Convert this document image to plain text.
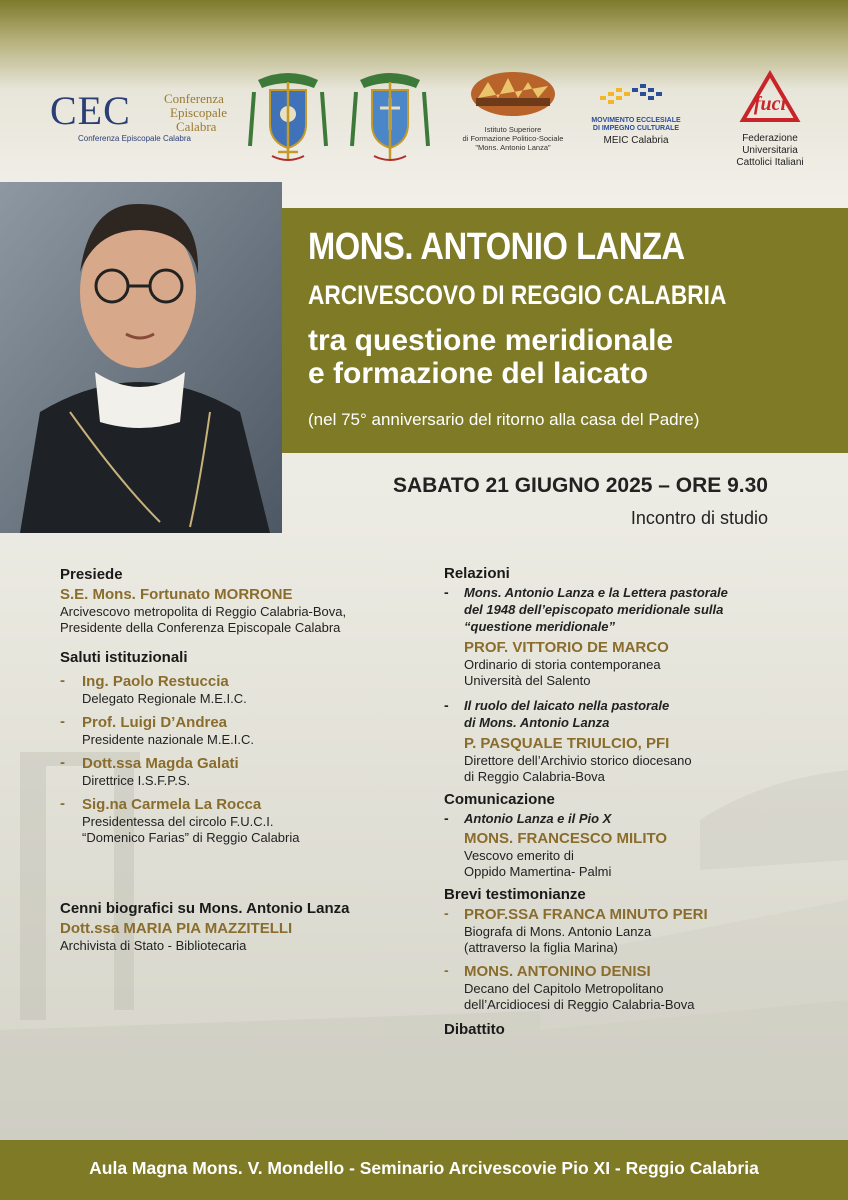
CEC	Conferenza
Episcopale
Calabra
Conferenza Episcopale Calabra
Istituto Superiore
di Formazione Politico-Sociale
"Mons. Antonio Lanza"
MOVIMENTO ECCLESIALE
DI IMPEGNO CULTURALE
MEIC Calabria
fuci
Federazione Universitaria
Cattolici Italiani
MONS. ANTONIO LANZA
ARCIVESCOVO DI REGGIO CALABRIA
tra questione meridionale
e formazione del laicato
(nel 75° anniversario del ritorno alla casa del Padre)
SABATO 21 GIUGNO 2025 – ORE 9.30
Incontro di studio
Presiede
S.E. Mons. Fortunato MORRONE
Arcivescovo metropolita di Reggio Calabria-Bova,
Presidente della Conferenza Episcopale Calabra
Saluti istituzionali
- Ing. Paolo Restuccia
Delegato Regionale M.E.I.C.
- Prof. Luigi D’Andrea
Presidente nazionale M.E.I.C.
- Dott.ssa Magda Galati
Direttrice I.S.F.P.S.
- Sig.na Carmela La Rocca
Presidentessa del circolo F.U.C.I.
“Domenico Farias” di Reggio Calabria
Cenni biografici su Mons. Antonio Lanza
Dott.ssa MARIA PIA MAZZITELLI
Archivista di Stato - Bibliotecaria
Relazioni
- Mons. Antonio Lanza e la Lettera pastorale
del 1948 dell’episcopato meridionale sulla
“questione meridionale”
PROF. VITTORIO DE MARCO
Ordinario di storia contemporanea
Università del Salento
- Il ruolo del laicato nella pastorale
di Mons. Antonio Lanza
P. PASQUALE TRIULCIO, PFI
Direttore dell’Archivio storico diocesano
di Reggio Calabria-Bova
Comunicazione
- Antonio Lanza e il Pio X
MONS. FRANCESCO MILITO
Vescovo emerito di
Oppido Mamertina- Palmi
Brevi testimonianze
- PROF.SSA FRANCA MINUTO PERI
Biografa di Mons. Antonio Lanza
(attraverso la figlia Marina)
- MONS. ANTONINO DENISI
Decano del Capitolo Metropolitano
dell’Arcidiocesi di Reggio Calabria-Bova
Dibattito
Aula Magna Mons. V. Mondello - Seminario Arcivescovie Pio XI - Reggio Calabria
